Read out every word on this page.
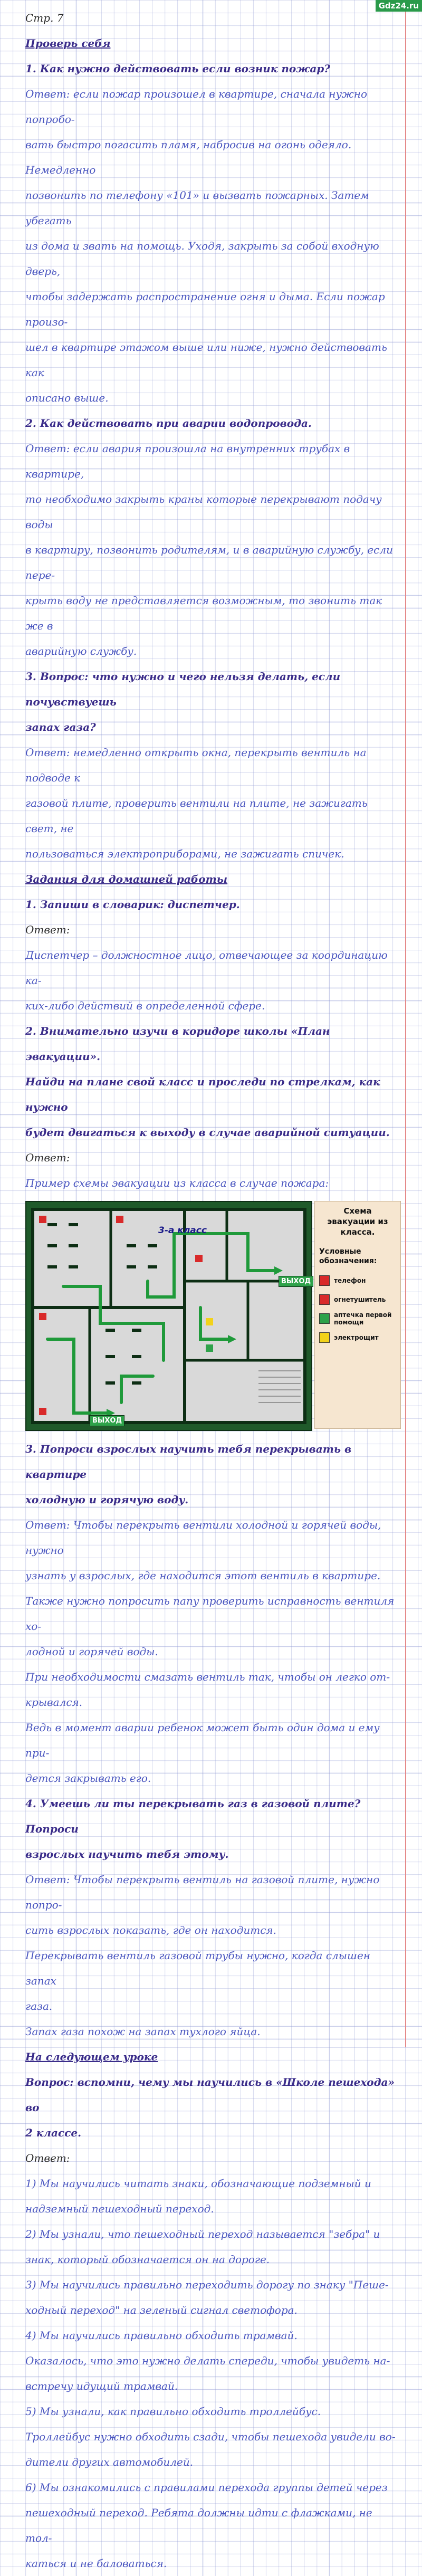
Gdz24.ru

Стр. 7

Проверь себя

1. Как нужно действовать если возник пожар?

Ответ: если пожар произошел в квартире, сначала нужно попробо-

вать быстро погасить пламя, набросив на огонь одеяло. Немедленно

позвонить по телефону «101» и вызвать пожарных. Затем убегать

из дома и звать на помощь. Уходя, закрыть за собой входную дверь,

чтобы задержать распространение огня и дыма. Если пожар произо-

шел в квартире этажом выше или ниже, нужно действовать как

описано выше.

2. Как действовать при аварии водопровода.

Ответ: если авария произошла на внутренних трубах в квартире,

то необходимо закрыть краны которые перекрывают подачу воды

в квартиру, позвонить родителям, и в аварийную службу, если пере-

крыть воду не представляется возможным, то звонить так же в

аварийную службу.

3. Вопрос: что нужно и чего нельзя делать, если почувствуешь

запах газа?

Ответ: немедленно открыть окна, перекрыть вентиль на подводе к

газовой плите, проверить вентили на плите, не зажигать свет, не

пользоваться электроприборами, не зажигать спичек.

Задания для домашней работы

1. Запиши в словарик: диспетчер.

Ответ:

Диспетчер – должностное лицо, отвечающее за координацию ка-

ких-либо действий в определенной сфере.

2. Внимательно изучи в коридоре школы «План эвакуации».

Найди на плане свой класс и проследи по стрелкам, как нужно

будет двигаться к выходу в случае аварийной ситуации.

Ответ:

Пример схемы эвакуации из класса в случае пожара:

3-а класс
ВЫХОД
ВЫХОД
Схема эвакуации из класса.
Условные обозначения:
телефон
огнетушитель
аптечка первой помощи
электрощит

3. Попроси взрослых научить тебя перекрывать в квартире

холодную и горячую воду.

Ответ: Чтобы перекрыть вентили холодной и горячей воды, нужно

узнать у взрослых, где находится этот вентиль в квартире.

Также нужно попросить папу проверить исправность вентиля хо-

лодной и горячей воды.

При необходимости смазать вентиль так, чтобы он легко от-

крывался.

Ведь в момент аварии ребенок может быть один дома и ему при-

дется закрывать его.

4. Умеешь ли ты перекрывать газ в газовой плите? Попроси

взрослых научить тебя этому.

Ответ: Чтобы перекрыть вентиль на газовой плите, нужно попро-

сить взрослых показать, где он находится.

Перекрывать вентиль газовой трубы нужно, когда слышен запах

газа.

Запах газа похож на запах тухлого яйца.

На следующем уроке

Вопрос: вспомни, чему мы научились в «Школе пешехода» во

2 классе.

Ответ:

1) Мы научились читать знаки, обозначающие подземный и

надземный пешеходный переход.

2) Мы узнали, что пешеходный переход называется "зебра" и

знак, который обозначается он на дороге.

3) Мы научились правильно переходить дорогу по знаку "Пеше-

ходный переход" на зеленый сигнал светофора.

4) Мы научились правильно обходить трамвай.

Оказалось, что это нужно делать спереди, чтобы увидеть на-

встречу идущий трамвай.

5) Мы узнали, как правильно обходить троллейбус.

Троллейбус нужно обходить сзади, чтобы пешехода увидели во-

дители других автомобилей.

6) Мы ознакомились с правилами перехода группы детей через

пешеходный переход. Ребята должны идти с флажками, не тол-

каться и не баловаться.
